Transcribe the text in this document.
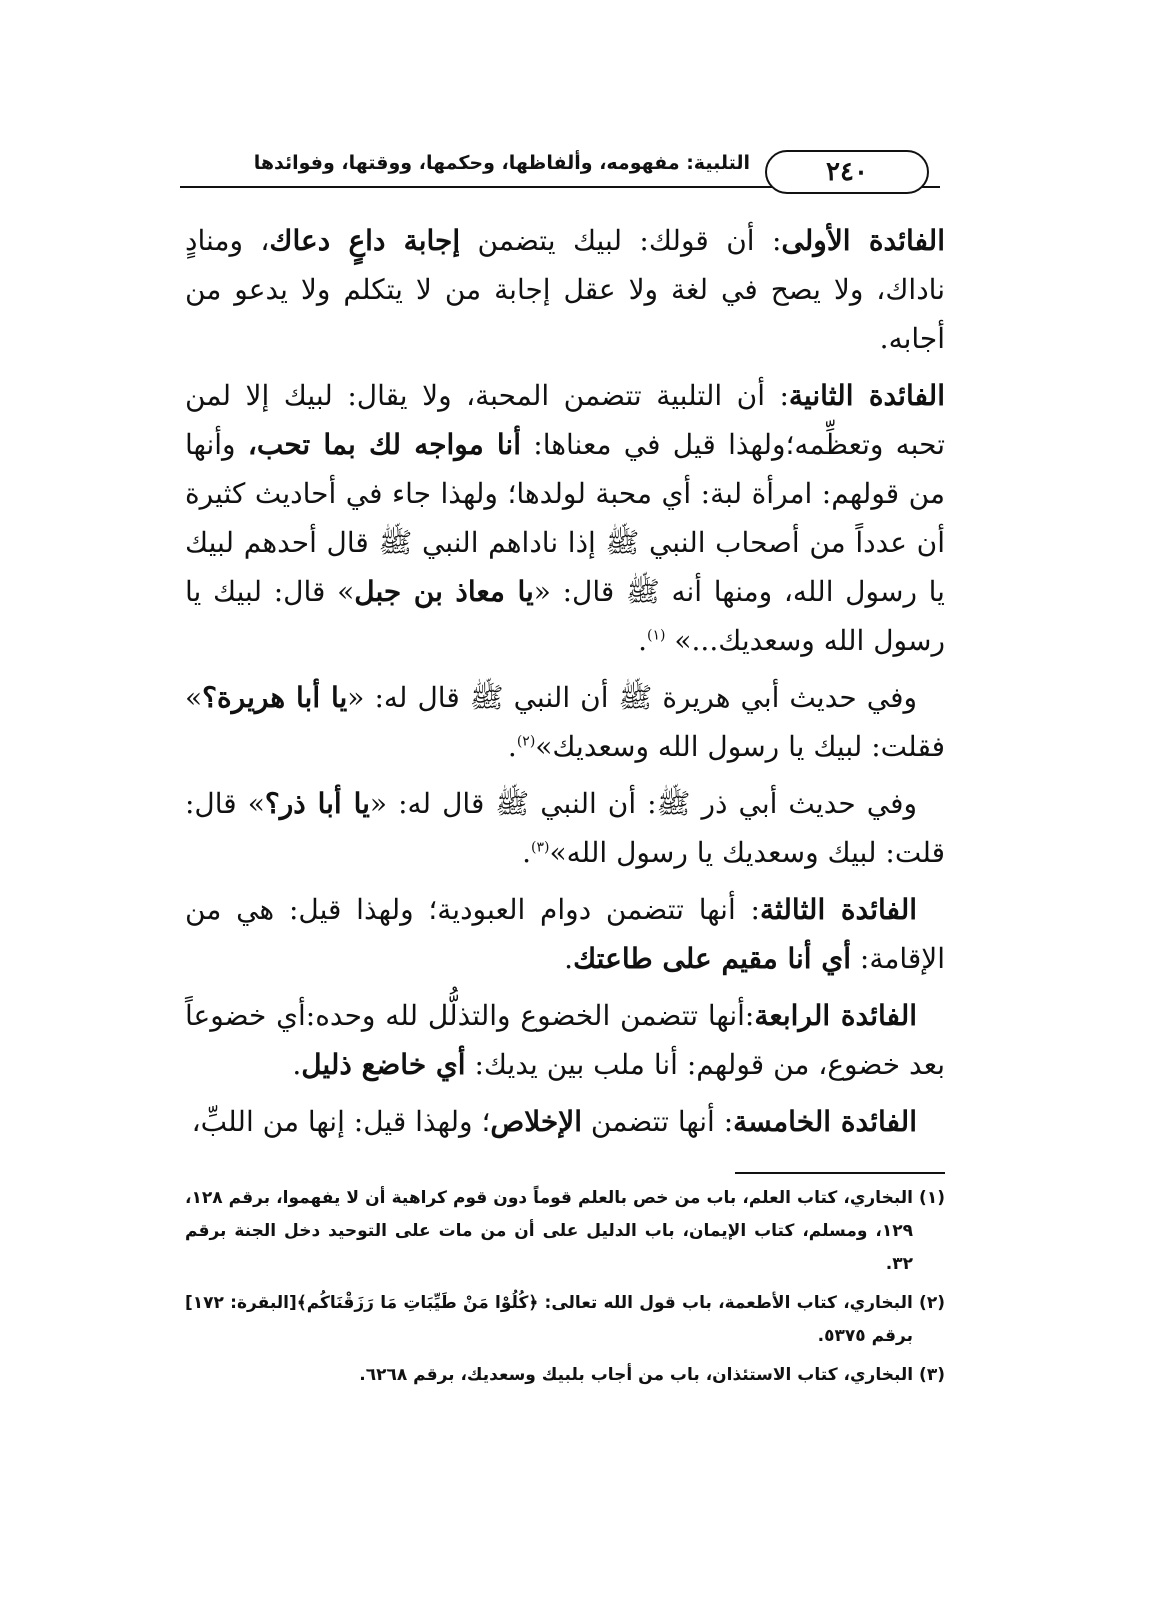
التلبية: مفهومه، وألفاظها، وحكمها، ووقتها، وفوائدها	٢٤٠

الفائدة الأولى: أن قولك: لبيك يتضمن إجابة داعٍ دعاك، ومنادٍ ناداك، ولا يصح في لغة ولا عقل إجابة من لا يتكلم ولا يدعو من أجابه.

الفائدة الثانية: أن التلبية تتضمن المحبة، ولا يقال: لبيك إلا لمن تحبه وتعظِّمه؛ولهذا قيل في معناها: أنا مواجه لك بما تحب، وأنها من قولهم: امرأة لبة: أي محبة لولدها؛ ولهذا جاء في أحاديث كثيرة أن عدداً من أصحاب النبي ﷺ إذا ناداهم النبي ﷺ قال أحدهم لبيك يا رسول الله، ومنها أنه ﷺ قال: «يا معاذ بن جبل» قال: لبيك يا رسول الله وسعديك...» $^{(١)}$.

وفي حديث أبي هريرة ﷺ أن النبي ﷺ قال له: «يا أبا هريرة؟» فقلت: لبيك يا رسول الله وسعديك»$^{(٢)}$.

وفي حديث أبي ذر ﷺ: أن النبي ﷺ قال له: «يا أبا ذر؟» قال: قلت: لبيك وسعديك يا رسول الله»$^{(٣)}$.

الفائدة الثالثة: أنها تتضمن دوام العبودية؛ ولهذا قيل: هي من الإقامة: أي أنا مقيم على طاعتك.

الفائدة الرابعة:أنها تتضمن الخضوع والتذلُّل لله وحده:أي خضوعاً بعد خضوع، من قولهم: أنا ملب بين يديك: أي خاضع ذليل.

الفائدة الخامسة: أنها تتضمن الإخلاص؛ ولهذا قيل: إنها من اللبِّ،

(١) البخاري، كتاب العلم، باب من خص بالعلم قوماً دون قوم كراهية أن لا يفهموا، برقم ١٢٨، ١٢٩، ومسلم، كتاب الإيمان، باب الدليل على أن من مات على التوحيد دخل الجنة برقم ٣٢.

(٢) البخاري، كتاب الأطعمة، باب قول الله تعالى: ﴿كُلُوْا مَنْ طَيِّبَاتِ مَا رَزَقْنَاكُم﴾[البقرة: ١٧٢] برقم ٥٣٧٥.

(٣) البخاري، كتاب الاستئذان، باب من أجاب بلبيك وسعديك، برقم ٦٢٦٨.
